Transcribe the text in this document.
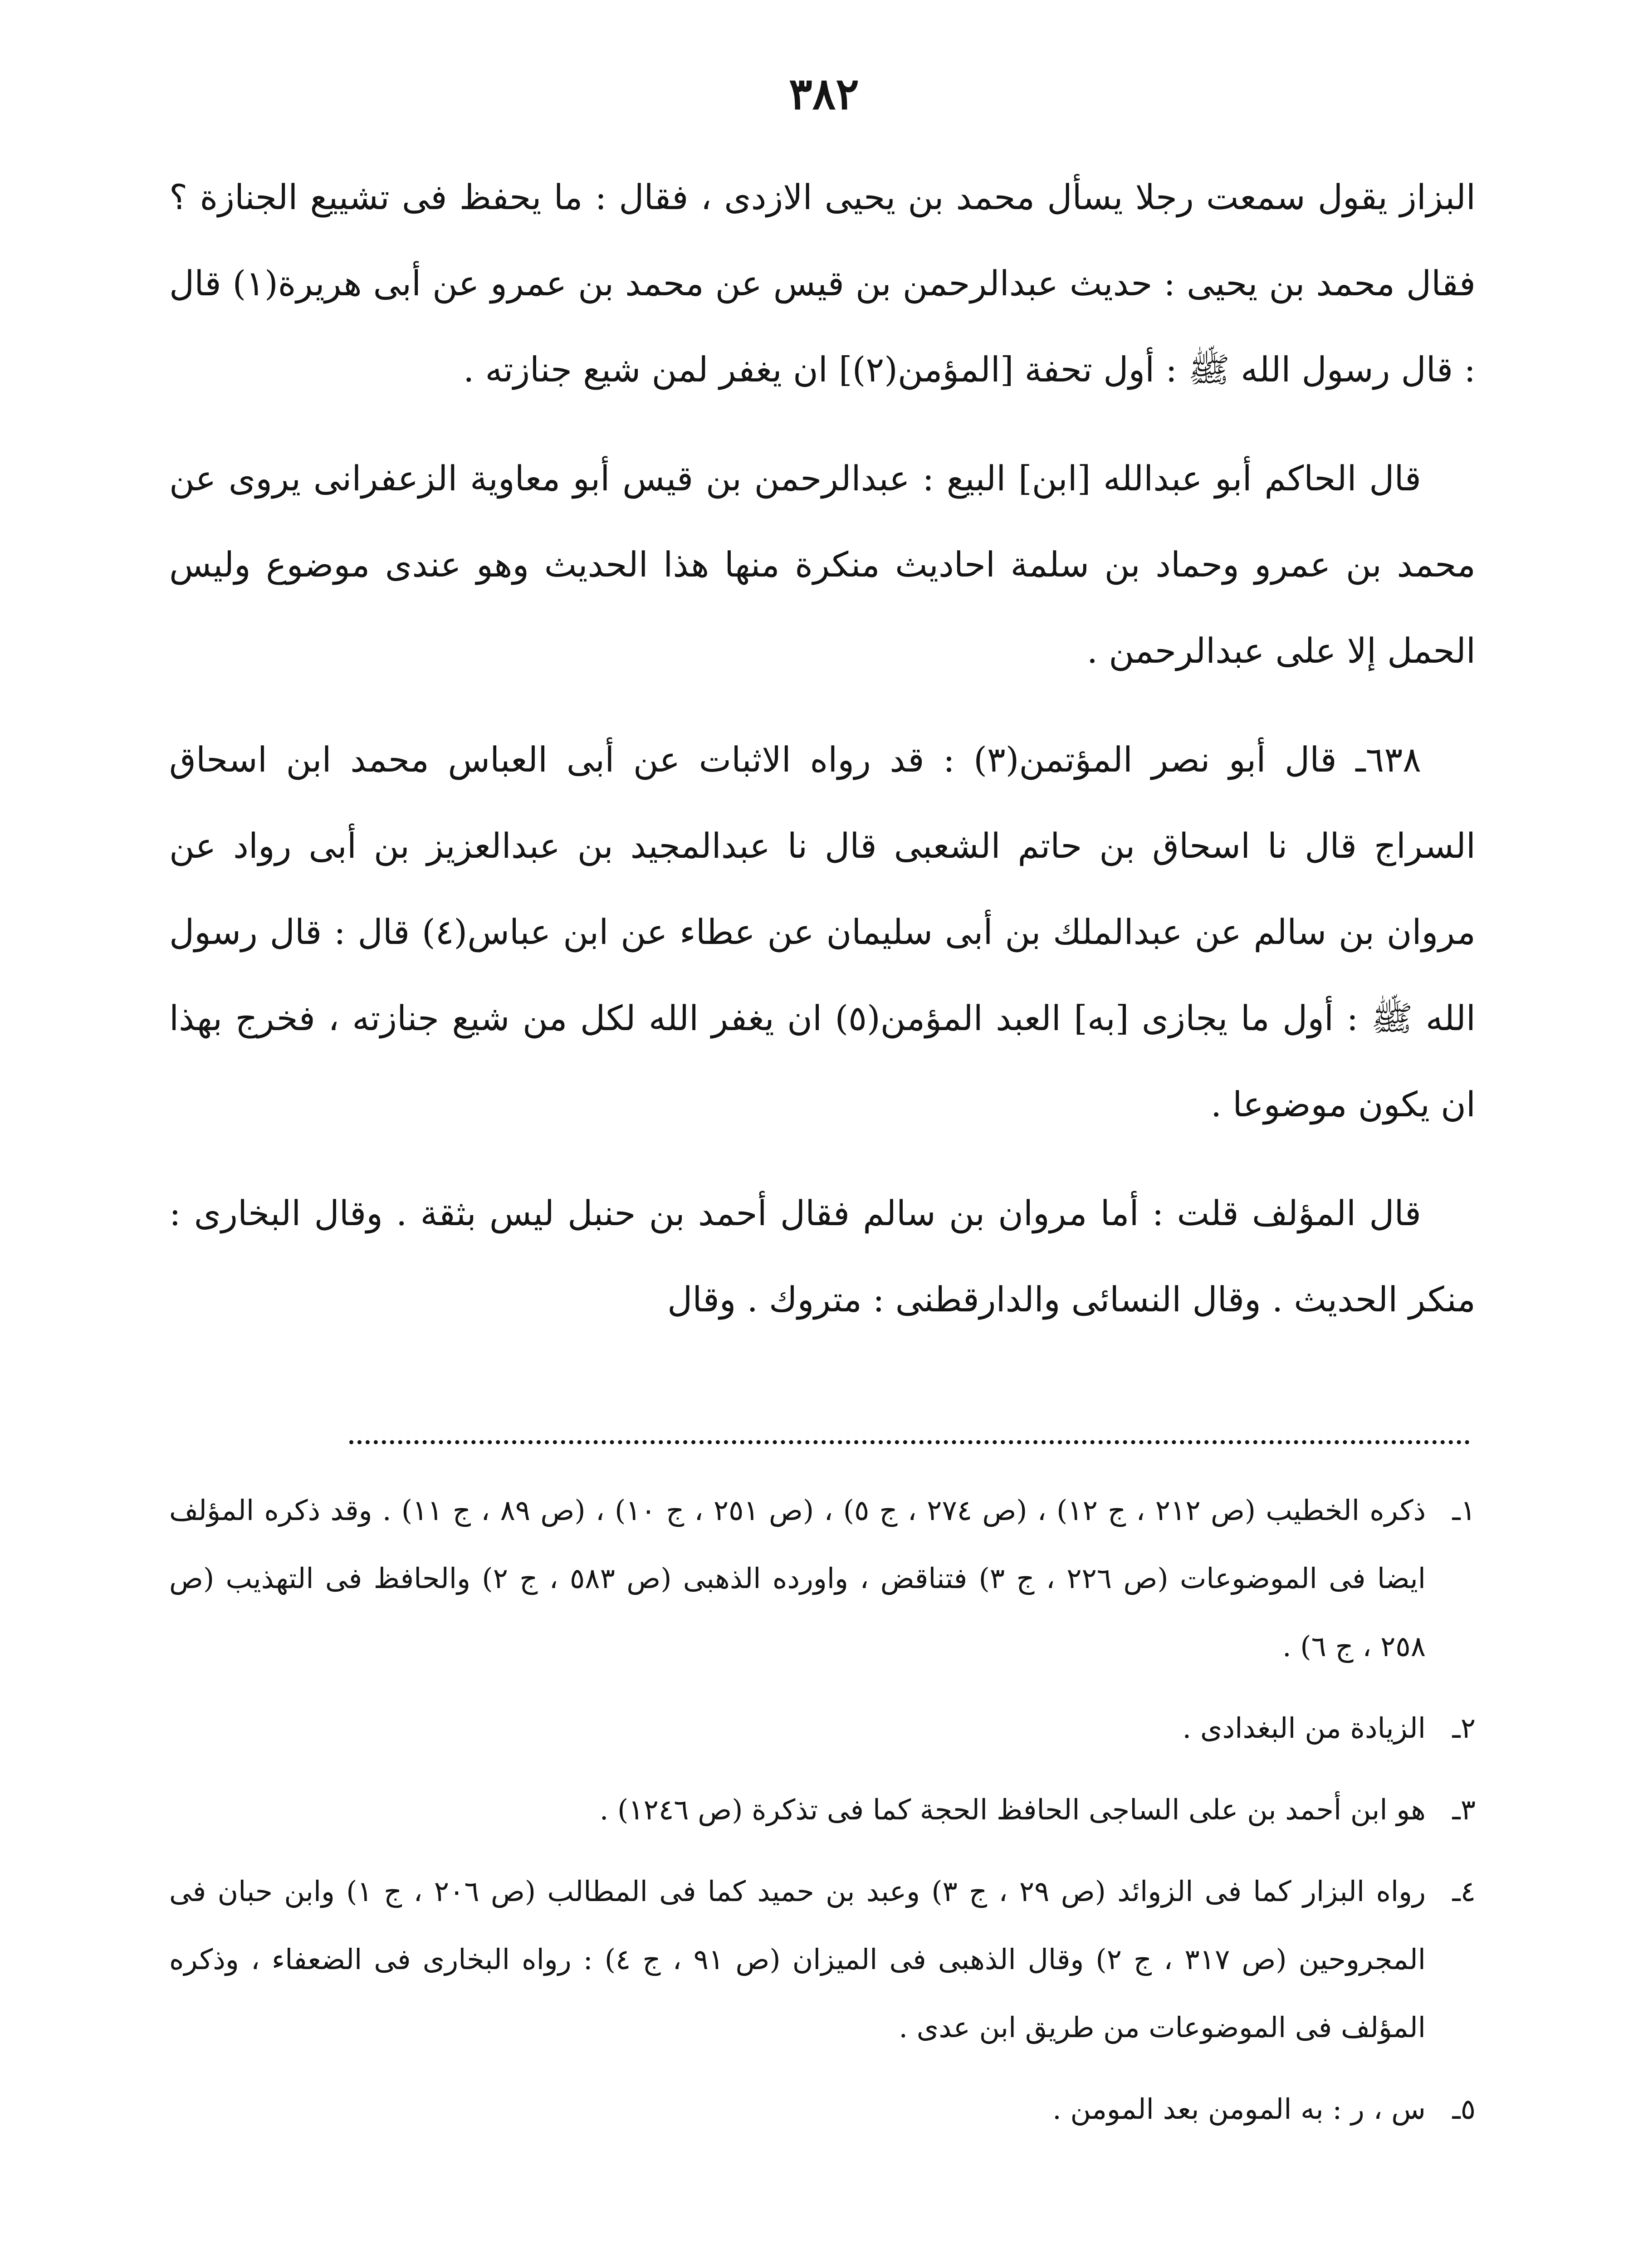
٣٨٢

البزاز يقول سمعت رجلا يسأل محمد بن يحيى الازدى ، فقال : ما يحفظ فى تشييع الجنازة ؟ فقال محمد بن يحيى : حديث عبدالرحمن بن قيس عن محمد بن عمرو عن أبى هريرة(١) قال : قال رسول الله ﷺ : أول تحفة [المؤمن(٢)] ان يغفر لمن شيع جنازته .

قال الحاكم أبو عبدالله [ابن] البيع : عبدالرحمن بن قيس أبو معاوية الزعفرانى يروى عن محمد بن عمرو وحماد بن سلمة احاديث منكرة منها هذا الحديث وهو عندى موضوع وليس الحمل إلا على عبدالرحمن .

٦٣٨ـ قال أبو نصر المؤتمن(٣) : قد رواه الاثبات عن أبى العباس محمد ابن اسحاق السراج قال نا اسحاق بن حاتم الشعبى قال نا عبدالمجيد بن عبدالعزيز بن أبى رواد عن مروان بن سالم عن عبدالملك بن أبى سليمان عن عطاء عن ابن عباس(٤) قال : قال رسول الله ﷺ : أول ما يجازى [به] العبد المؤمن(٥) ان يغفر الله لكل من شيع جنازته ، فخرج بهذا ان يكون موضوعا .

قال المؤلف قلت : أما مروان بن سالم فقال أحمد بن حنبل ليس بثقة . وقال البخارى : منكر الحديث . وقال النسائى والدارقطنى : متروك . وقال

١ـ
ذكره الخطيب (ص ٢١٢ ، ج ١٢) ، (ص ٢٧٤ ، ج ٥) ، (ص ٢٥١ ، ج ١٠) ، (ص ٨٩ ، ج ١١) . وقد ذكره المؤلف ايضا فى الموضوعات (ص ٢٢٦ ، ج ٣) فتناقض ، واورده الذهبى (ص ٥٨٣ ، ج ٢) والحافظ فى التهذيب (ص ٢٥٨ ، ج ٦) .
٢ـ
الزيادة من البغدادى .
٣ـ
هو ابن أحمد بن على الساجى الحافظ الحجة كما فى تذكرة (ص ١٢٤٦) .
٤ـ
رواه البزار كما فى الزوائد (ص ٢٩ ، ج ٣) وعبد بن حميد كما فى المطالب (ص ٢٠٦ ، ج ١) وابن حبان فى المجروحين (ص ٣١٧ ، ج ٢) وقال الذهبى فى الميزان (ص ٩١ ، ج ٤) : رواه البخارى فى الضعفاء ، وذكره المؤلف فى الموضوعات من طريق ابن عدى .
٥ـ
س ، ر : به المومن بعد المومن .
